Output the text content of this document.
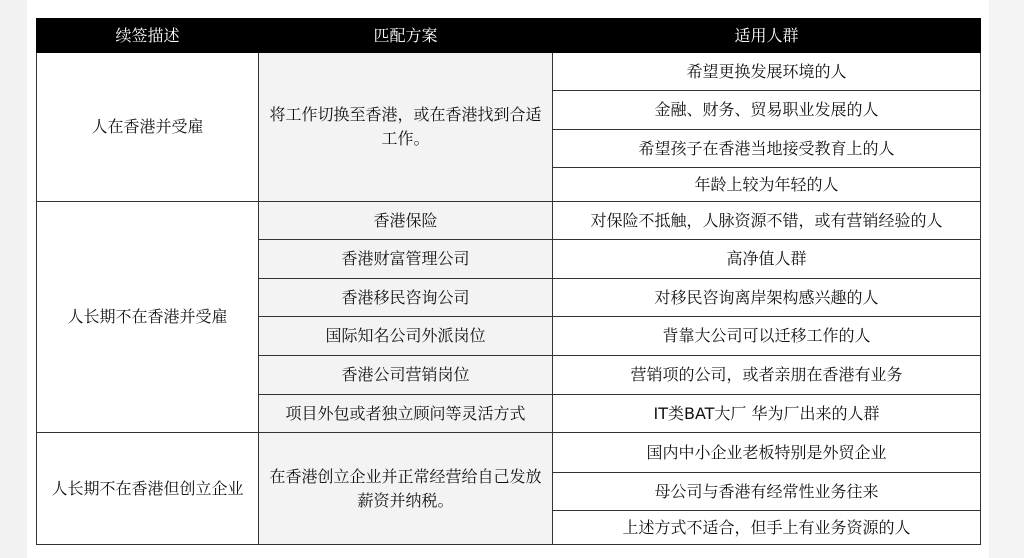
续签描述	匹配方案	适用人群
人在香港并受雇	将工作切换至香港，或在香港找到合适工作。	希望更换发展环境的人
		金融、财务、贸易职业发展的人
		希望孩子在香港当地接受教育上的人
		年龄上较为年轻的人
人长期不在香港并受雇	香港保险	对保险不抵触，人脉资源不错，或有营销经验的人
	香港财富管理公司	高净值人群
	香港移民咨询公司	对移民咨询离岸架构感兴趣的人
	国际知名公司外派岗位	背靠大公司可以迁移工作的人
	香港公司营销岗位	营销项的公司，或者亲朋在香港有业务
	项目外包或者独立顾问等灵活方式	IT类BAT大厂 华为厂出来的人群
人长期不在香港但创立企业	在香港创立企业并正常经营给自己发放薪资并纳税。	国内中小企业老板特别是外贸企业
		母公司与香港有经常性业务往来
		上述方式不适合，但手上有业务资源的人
